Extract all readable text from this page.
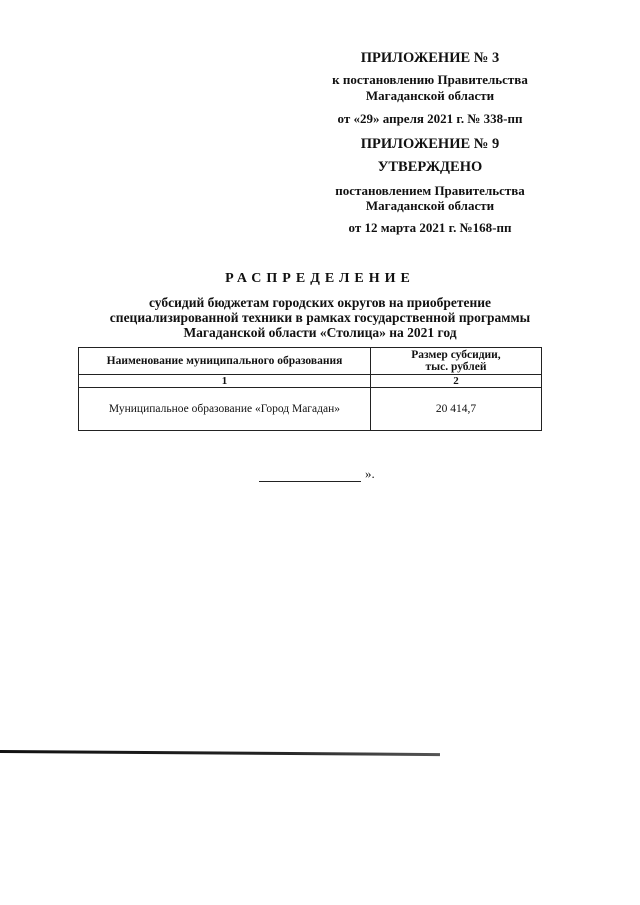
ПРИЛОЖЕНИЕ № 3
к постановлению Правительства
Магаданской области
от «29» апреля 2021 г. № 338-пп
ПРИЛОЖЕНИЕ № 9
УТВЕРЖДЕНО
постановлением Правительства
Магаданской области
от 12 марта 2021 г. №168-пп
РАСПРЕДЕЛЕНИЕ
субсидий бюджетам городских округов на приобретение
специализированной техники в рамках государственной программы
Магаданской области «Столица» на 2021 год
Наименование муниципального образования	Размер субсидии,
тыс. рублей

1	2
Муниципальное образование «Город Магадан»	20 414,7
».
